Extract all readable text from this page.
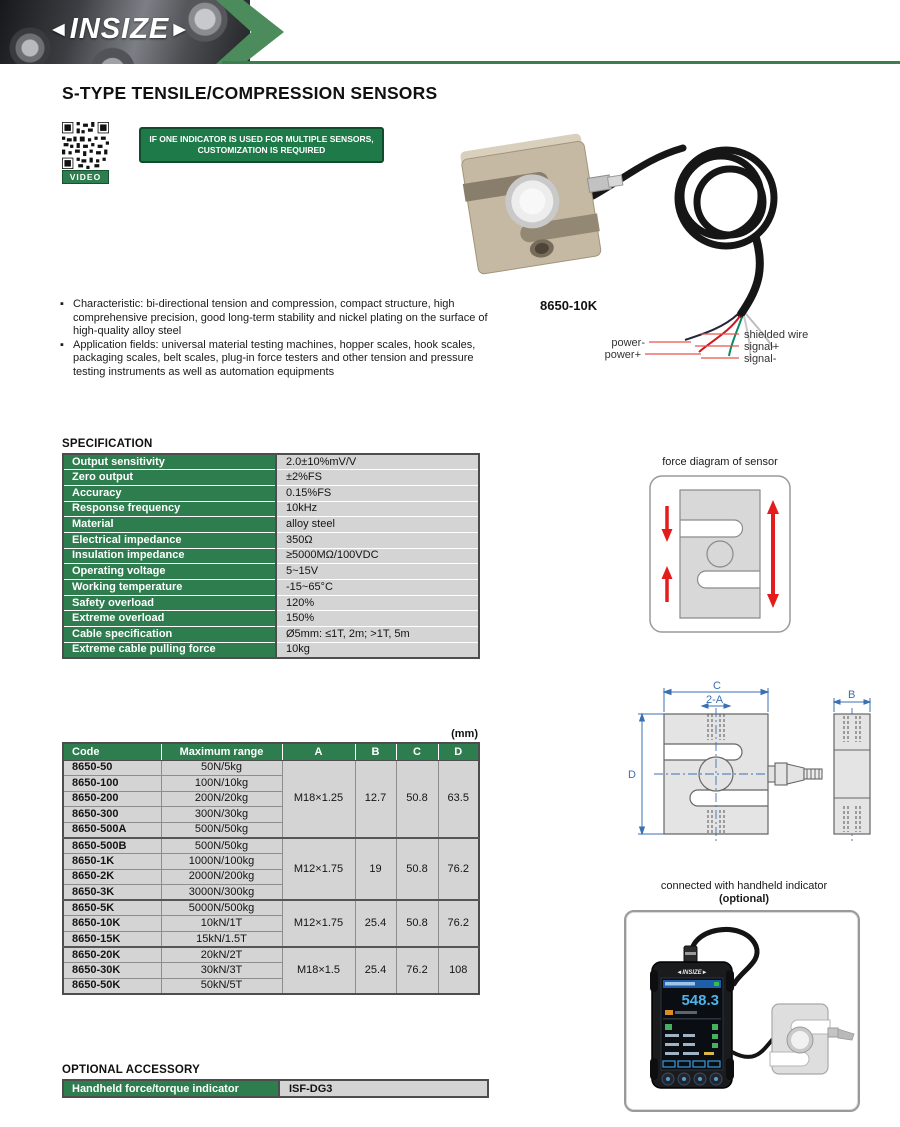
◄INSIZE►
S-TYPE TENSILE/COMPRESSION SENSORS
VIDEO
IF ONE INDICATOR IS USED FOR MULTIPLE SENSORS,
CUSTOMIZATION IS REQUIRED
power-
power+
shielded wire
signal+
signal-
8650-10K
▪ Characteristic: bi-directional tension and compression, compact structure, high comprehensive precision, good long-term stability and nickel plating on the surface of high-quality alloy steel
▪ Application fields: universal material testing machines, hopper scales, hook scales, packaging scales, belt scales, plug-in force testers and other tension and pressure testing instruments as well as automation equipments
SPECIFICATION
Output sensitivity	2.0±10%mV/V
Zero output	±2%FS
Accuracy	0.15%FS
Response frequency	10kHz
Material	alloy steel
Electrical impedance	350Ω
Insulation impedance	≥5000MΩ/100VDC
Operating voltage	5~15V
Working temperature	-15~65°C
Safety overload	120%
Extreme overload	150%
Cable specification	Ø5mm: ≤1T, 2m; >1T, 5m
Extreme cable pulling force	10kg
force diagram of sensor
(mm)
Code	Maximum range	A	B	C	D
8650-50	50N/5kg	M18×1.25	12.7	50.8	63.5
8650-100	100N/10kg				
8650-200	200N/20kg				
8650-300	300N/30kg				
8650-500A	500N/50kg				
8650-500B	500N/50kg	M12×1.75	19	50.8	76.2
8650-1K	1000N/100kg				
8650-2K	2000N/200kg				
8650-3K	3000N/300kg				
8650-5K	5000N/500kg	M12×1.75	25.4	50.8	76.2
8650-10K	10kN/1T				
8650-15K	15kN/1.5T				
8650-20K	20kN/2T	M18×1.5	25.4	76.2	108
8650-30K	30kN/3T				
8650-50K	50kN/5T				
C
2-A
D
B
connected with handheld indicator
(optional)
◄INSIZE►
548.3
OPTIONAL ACCESSORY
Handheld force/torque indicator	ISF-DG3
